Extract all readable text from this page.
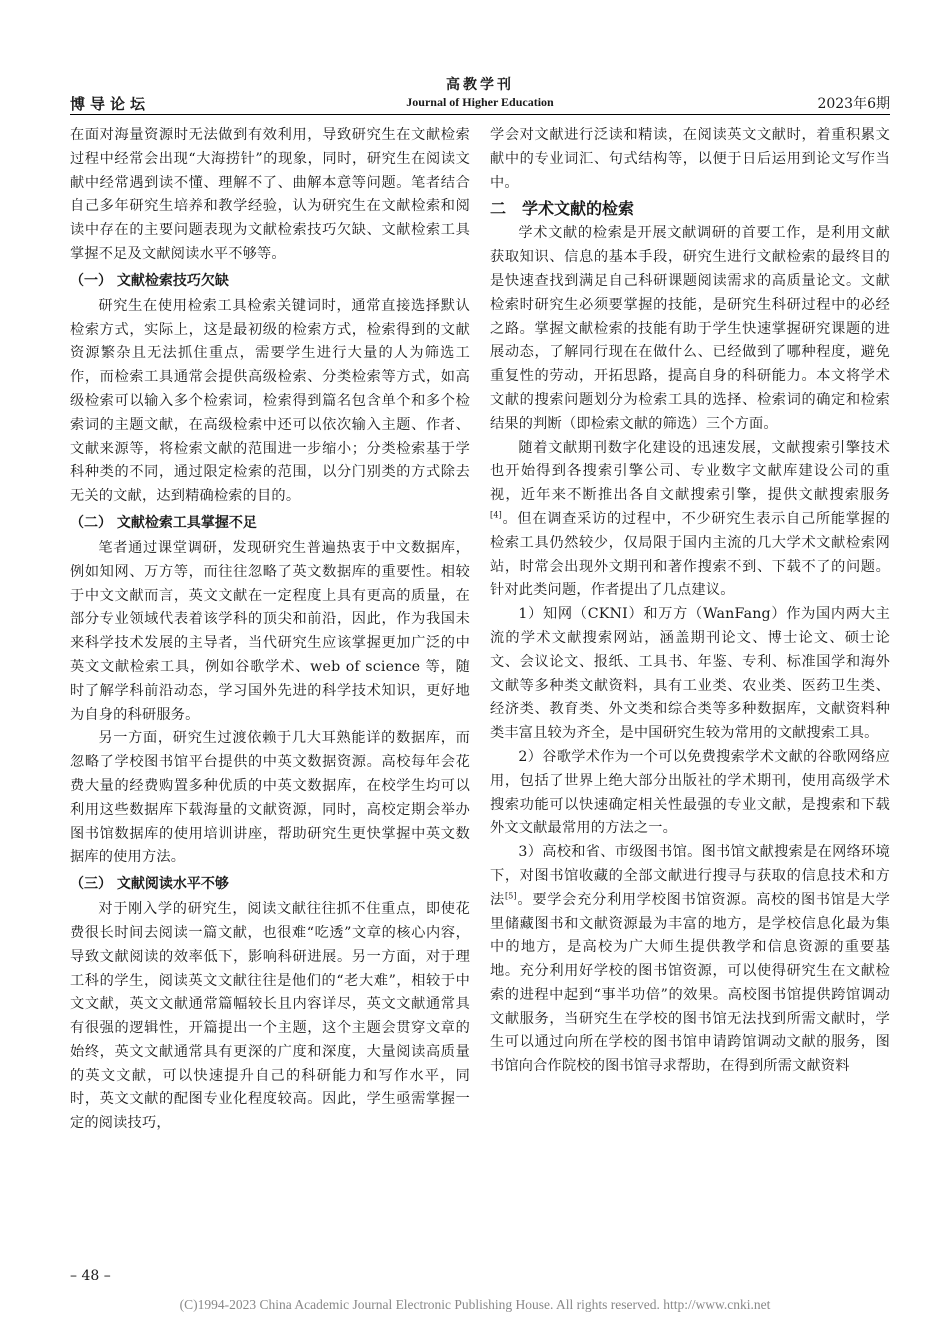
高教学刊
博导论坛	Journal of Higher Education	2023年6期

在面对海量资源时无法做到有效利用，导致研究生在文献检索过程中经常会出现“大海捞针”的现象，同时，研究生在阅读文献中经常遇到读不懂、理解不了、曲解本意等问题。笔者结合自己多年研究生培养和教学经验，认为研究生在文献检索和阅读中存在的主要问题表现为文献检索技巧欠缺、文献检索工具掌握不足及文献阅读水平不够等。

（一） 文献检索技巧欠缺

研究生在使用检索工具检索关键词时，通常直接选择默认检索方式，实际上，这是最初级的检索方式，检索得到的文献资源繁杂且无法抓住重点，需要学生进行大量的人为筛选工作，而检索工具通常会提供高级检索、分类检索等方式，如高级检索可以输入多个检索词，检索得到篇名包含单个和多个检索词的主题文献，在高级检索中还可以依次输入主题、作者、文献来源等，将检索文献的范围进一步缩小；分类检索基于学科种类的不同，通过限定检索的范围，以分门别类的方式除去无关的文献，达到精确检索的目的。

（二） 文献检索工具掌握不足

笔者通过课堂调研，发现研究生普遍热衷于中文数据库，例如知网、万方等，而往往忽略了英文数据库的重要性。相较于中文文献而言，英文文献在一定程度上具有更高的质量，在部分专业领域代表着该学科的顶尖和前沿，因此，作为我国未来科学技术发展的主导者，当代研究生应该掌握更加广泛的中英文文献检索工具，例如谷歌学术、web of science 等，随时了解学科前沿动态，学习国外先进的科学技术知识，更好地为自身的科研服务。

另一方面，研究生过渡依赖于几大耳熟能详的数据库，而忽略了学校图书馆平台提供的中英文数据资源。高校每年会花费大量的经费购置多种优质的中英文数据库，在校学生均可以利用这些数据库下载海量的文献资源，同时，高校定期会举办图书馆数据库的使用培训讲座，帮助研究生更快掌握中英文数据库的使用方法。

（三） 文献阅读水平不够

对于刚入学的研究生，阅读文献往往抓不住重点，即使花费很长时间去阅读一篇文献，也很难“吃透”文章的核心内容，导致文献阅读的效率低下，影响科研进展。另一方面，对于理工科的学生，阅读英文文献往往是他们的“老大难”，相较于中文文献，英文文献通常篇幅较长且内容详尽，英文文献通常具有很强的逻辑性，开篇提出一个主题，这个主题会贯穿文章的始终，英文文献通常具有更深的广度和深度，大量阅读高质量的英文文献，可以快速提升自己的科研能力和写作水平，同时，英文文献的配图专业化程度较高。因此，学生亟需掌握一定的阅读技巧，

学会对文献进行泛读和精读，在阅读英文文献时，着重积累文献中的专业词汇、句式结构等，以便于日后运用到论文写作当中。

二　学术文献的检索

学术文献的检索是开展文献调研的首要工作，是利用文献获取知识、信息的基本手段，研究生进行文献检索的最终目的是快速查找到满足自己科研课题阅读需求的高质量论文。文献检索时研究生必须要掌握的技能，是研究生科研过程中的必经之路。掌握文献检索的技能有助于学生快速掌握研究课题的进展动态，了解同行现在在做什么、已经做到了哪种程度，避免重复性的劳动，开拓思路，提高自身的科研能力。本文将学术文献的搜索问题划分为检索工具的选择、检索词的确定和检索结果的判断（即检索文献的筛选）三个方面。

随着文献期刊数字化建设的迅速发展，文献搜索引擎技术也开始得到各搜索引擎公司、专业数字文献库建设公司的重视，近年来不断推出各自文献搜索引擎，提供文献搜索服务[4]。但在调查采访的过程中，不少研究生表示自己所能掌握的检索工具仍然较少，仅局限于国内主流的几大学术文献检索网站，时常会出现外文期刊和著作搜索不到、下载不了的问题。针对此类问题，作者提出了几点建议。

1）知网（CKNI）和万方（WanFang）作为国内两大主流的学术文献搜索网站，涵盖期刊论文、博士论文、硕士论文、会议论文、报纸、工具书、年鉴、专利、标准国学和海外文献等多种类文献资料，具有工业类、农业类、医药卫生类、经济类、教育类、外文类和综合类等多种数据库，文献资料种类丰富且较为齐全，是中国研究生较为常用的文献搜索工具。

2）谷歌学术作为一个可以免费搜索学术文献的谷歌网络应用，包括了世界上绝大部分出版社的学术期刊，使用高级学术搜索功能可以快速确定相关性最强的专业文献，是搜索和下载外文文献最常用的方法之一。

3）高校和省、市级图书馆。图书馆文献搜索是在网络环境下，对图书馆收藏的全部文献进行搜寻与获取的信息技术和方法[5]。要学会充分利用学校图书馆资源。高校的图书馆是大学里储藏图书和文献资源最为丰富的地方，是学校信息化最为集中的地方，是高校为广大师生提供教学和信息资源的重要基地。充分利用好学校的图书馆资源，可以使得研究生在文献检索的进程中起到“事半功倍”的效果。高校图书馆提供跨馆调动文献服务，当研究生在学校的图书馆无法找到所需文献时，学生可以通过向所在学校的图书馆申请跨馆调动文献的服务，图书馆向合作院校的图书馆寻求帮助，在得到所需文献资料

– 48 –
(C)1994-2023 China Academic Journal Electronic Publishing House. All rights reserved. http://www.cnki.net
